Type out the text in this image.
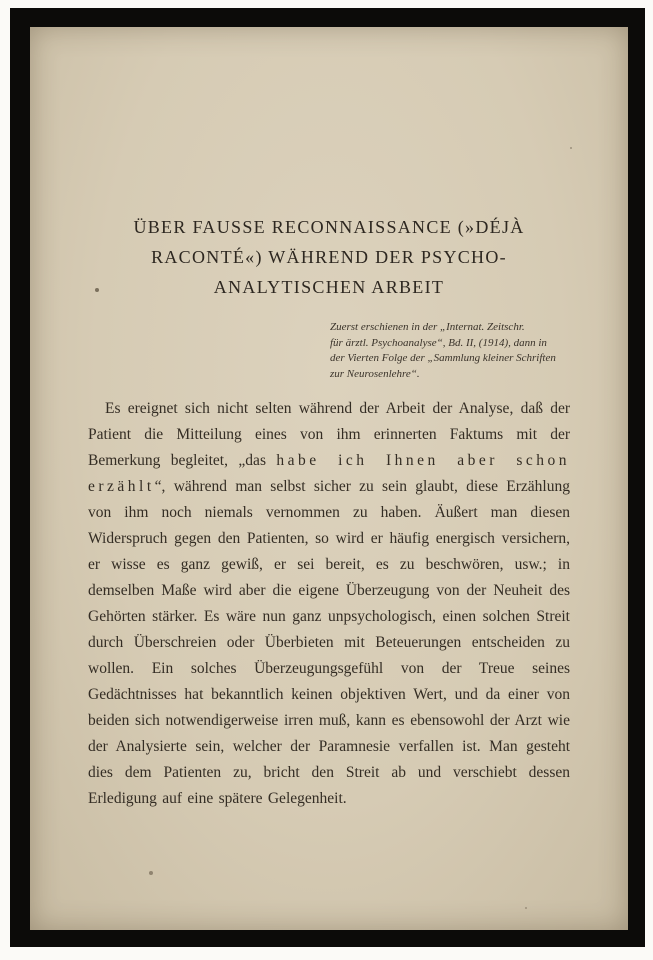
ÜBER FAUSSE RECONNAISSANCE (»DÉJÀ
RACONTÉ«) WÄHREND DER PSYCHO-
ANALYTISCHEN ARBEIT
Zuerst erschienen in der „Internat. Zeitschr.
für ärztl. Psychoanalyse“, Bd. II, (1914), dann in
der Vierten Folge der „Sammlung kleiner Schriften
zur Neurosenlehre“.

Es ereignet sich nicht selten während der Arbeit der Analyse, daß der Patient die Mitteilung eines von ihm erinnerten Faktums mit der Bemerkung begleitet, „das habe ich Ihnen aber schon erzählt“, während man selbst sicher zu sein glaubt, diese Erzählung von ihm noch niemals vernommen zu haben. Äußert man diesen Widerspruch gegen den Patienten, so wird er häufig energisch versichern, er wisse es ganz gewiß, er sei bereit, es zu beschwören, usw.; in demselben Maße wird aber die eigene Überzeugung von der Neuheit des Gehörten stärker. Es wäre nun ganz unpsychologisch, einen solchen Streit durch Überschreien oder Überbieten mit Beteuerungen entscheiden zu wollen. Ein solches Überzeugungsgefühl von der Treue seines Gedächtnisses hat bekanntlich keinen objektiven Wert, und da einer von beiden sich notwendigerweise irren muß, kann es ebensowohl der Arzt wie der Analysierte sein, welcher der Paramnesie verfallen ist. Man gesteht dies dem Patienten zu, bricht den Streit ab und verschiebt dessen Erledigung auf eine spätere Gelegenheit.
